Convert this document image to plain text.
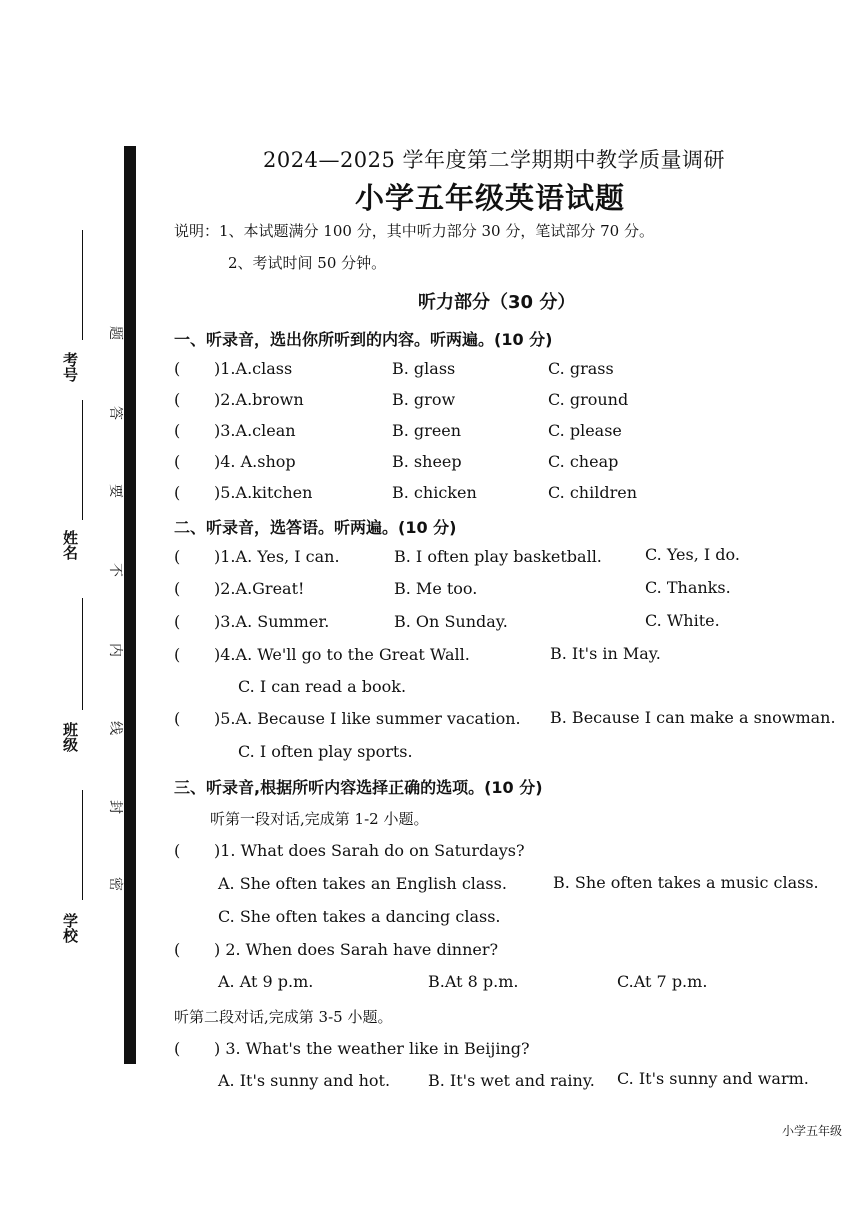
考号
姓名
班级
学校
题
答
要
不
内
线
封
密
2024—2025 学年度第二学期期中教学质量调研
小学五年级英语试题
说明：1、本试题满分 100 分，其中听力部分 30 分，笔试部分 70 分。
2、考试时间 50 分钟。
听力部分（30 分）
一、听录音，选出你所听到的内容。听两遍。(10 分)
( )1.A.class	B. glass	C. grass
( )2.A.brown	B. grow	C. ground
( )3.A.clean	B. green	C. please
( )4. A.shop	B. sheep	C. cheap
( )5.A.kitchen	B. chicken	C. children
二、听录音，选答语。听两遍。(10 分)
( )1.A. Yes, I can.	B. I often play basketball.	C. Yes, I do.
( )2.A.Great!	B. Me too.	C. Thanks.
( )3.A. Summer.	B. On Sunday.	C. White.
( )4.A. We'll go to the Great Wall.	B. It's in May.
C. I can read a book.
( )5.A. Because I like summer vacation. B. Because I can make a snowman.
C. I often play sports.
三、听录音,根据所听内容选择正确的选项。(10 分)
听第一段对话,完成第 1-2 小题。
( )1. What does Sarah do on Saturdays?
A. She often takes an English class.	B. She often takes a music class.
C. She often takes a dancing class.
( ) 2. When does Sarah have dinner?
A. At 9 p.m.	B.At 8 p.m.	C.At 7 p.m.
听第二段对话,完成第 3-5 小题。
( ) 3. What's the weather like in Beijing?
A. It's sunny and hot. B. It's wet and rainy. C. It's sunny and warm.
小学五年级
